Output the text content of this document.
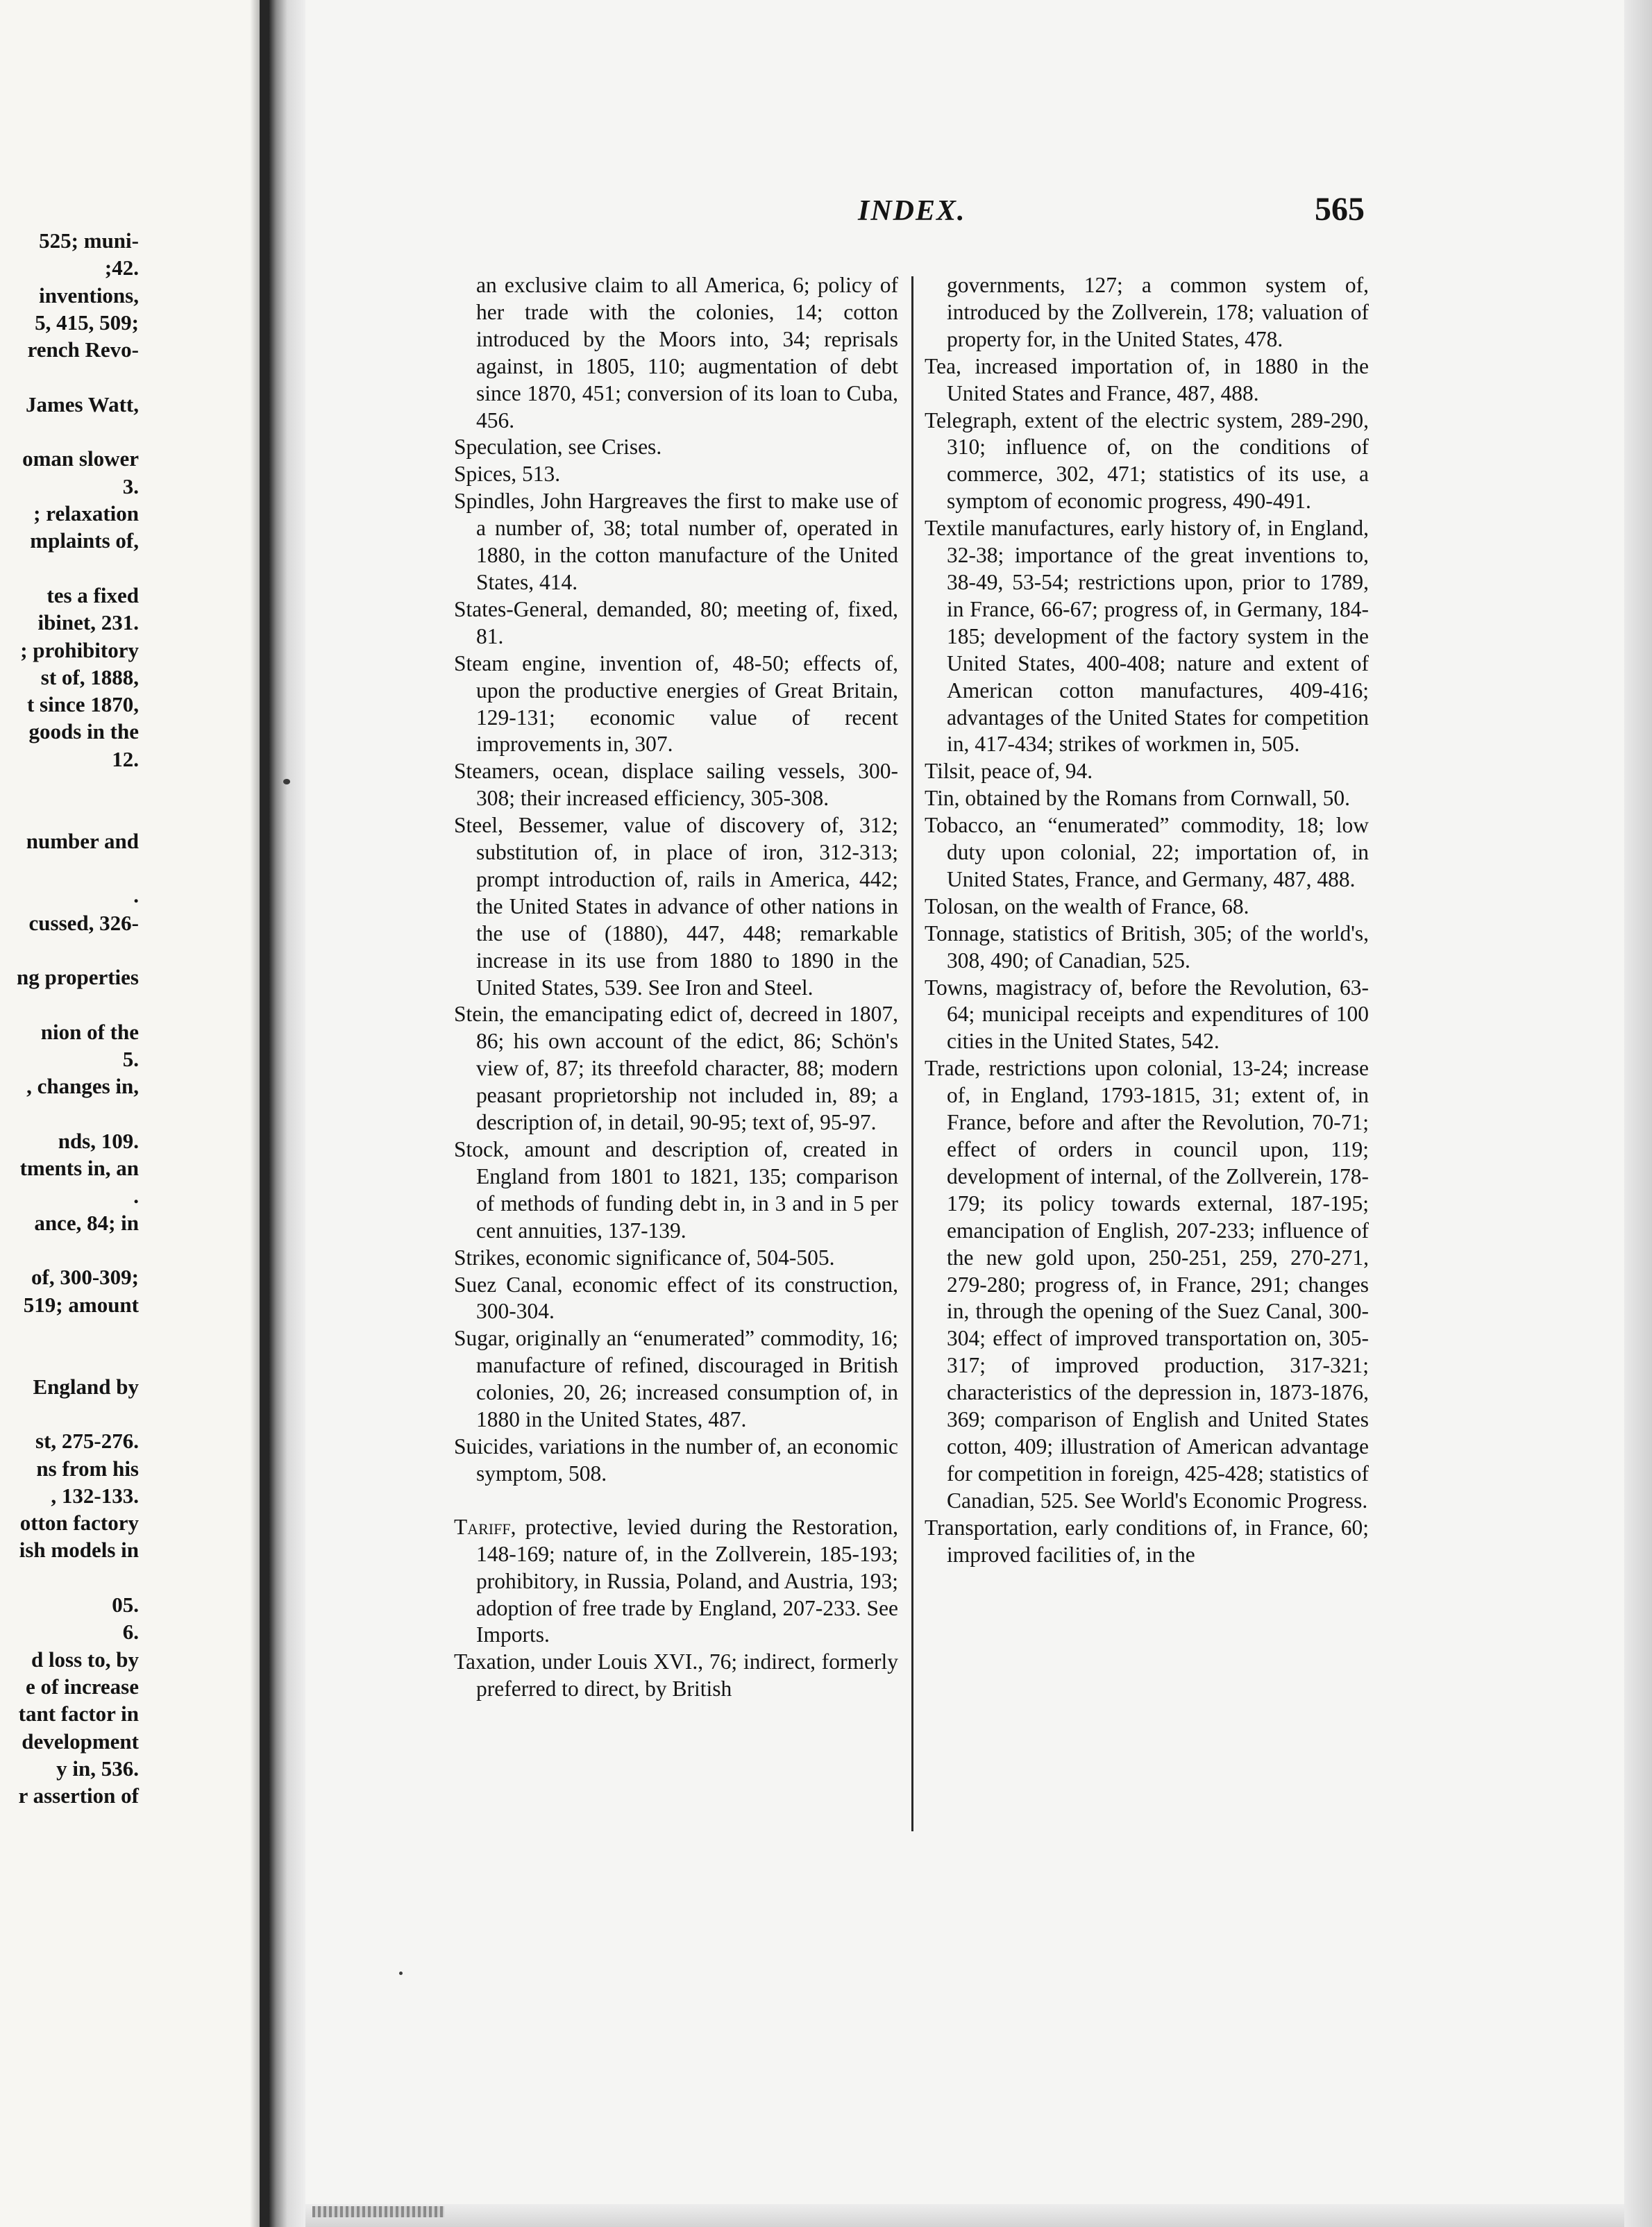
525; muni-
;42.
inventions,
5, 415, 509;
rench Revo-
James Watt,
oman slower
3.
; relaxation
mplaints of,
tes a fixed
ibinet, 231.
; prohibitory
st of, 1888,
t since 1870,
goods in the
12.
number and
.
cussed, 326-
ng properties
nion of the
5.
, changes in,
nds, 109.
tments in, an
.
ance, 84; in
of, 300-309;
519; amount
England by
st, 275-276.
ns from his
, 132-133.
otton factory
ish models in
05.
6.
d loss to, by
e of increase
tant factor in
development
y in, 536.
r assertion of
INDEX.	565

an exclusive claim to all America, 6; policy of her trade with the colonies, 14; cotton introduced by the Moors into, 34; reprisals against, in 1805, 110; augmentation of debt since 1870, 451; conversion of its loan to Cuba, 456.

Speculation, see Crises.

Spices, 513.

Spindles, John Hargreaves the first to make use of a number of, 38; total number of, operated in 1880, in the cotton manufacture of the United States, 414.

States-General, demanded, 80; meeting of, fixed, 81.

Steam engine, invention of, 48-50; effects of, upon the productive energies of Great Britain, 129-131; economic value of recent improvements in, 307.

Steamers, ocean, displace sailing vessels, 300-308; their increased efficiency, 305-308.

Steel, Bessemer, value of discovery of, 312; substitution of, in place of iron, 312-313; prompt introduction of, rails in America, 442; the United States in advance of other nations in the use of (1880), 447, 448; remarkable increase in its use from 1880 to 1890 in the United States, 539. See Iron and Steel.

Stein, the emancipating edict of, decreed in 1807, 86; his own account of the edict, 86; Schön's view of, 87; its threefold character, 88; modern peasant proprietorship not included in, 89; a description of, in detail, 90-95; text of, 95-97.

Stock, amount and description of, created in England from 1801 to 1821, 135; comparison of methods of funding debt in, in 3 and in 5 per cent annuities, 137-139.

Strikes, economic significance of, 504-505.

Suez Canal, economic effect of its construction, 300-304.

Sugar, originally an “enumerated” commodity, 16; manufacture of refined, discouraged in British colonies, 20, 26; increased consumption of, in 1880 in the United States, 487.

Suicides, variations in the number of, an economic symptom, 508.

Tariff, protective, levied during the Restoration, 148-169; nature of, in the Zollverein, 185-193; prohibitory, in Russia, Poland, and Austria, 193; adoption of free trade by England, 207-233. See Imports.

Taxation, under Louis XVI., 76; indirect, formerly preferred to direct, by British

governments, 127; a common system of, introduced by the Zollverein, 178; valuation of property for, in the United States, 478.

Tea, increased importation of, in 1880 in the United States and France, 487, 488.

Telegraph, extent of the electric system, 289-290, 310; influence of, on the conditions of commerce, 302, 471; statistics of its use, a symptom of economic progress, 490-491.

Textile manufactures, early history of, in England, 32-38; importance of the great inventions to, 38-49, 53-54; restrictions upon, prior to 1789, in France, 66-67; progress of, in Germany, 184-185; development of the factory system in the United States, 400-408; nature and extent of American cotton manufactures, 409-416; advantages of the United States for competition in, 417-434; strikes of workmen in, 505.

Tilsit, peace of, 94.

Tin, obtained by the Romans from Cornwall, 50.

Tobacco, an “enumerated” commodity, 18; low duty upon colonial, 22; importation of, in United States, France, and Germany, 487, 488.

Tolosan, on the wealth of France, 68.

Tonnage, statistics of British, 305; of the world's, 308, 490; of Canadian, 525.

Towns, magistracy of, before the Revolution, 63-64; municipal receipts and expenditures of 100 cities in the United States, 542.

Trade, restrictions upon colonial, 13-24; increase of, in England, 1793-1815, 31; extent of, in France, before and after the Revolution, 70-71; effect of orders in council upon, 119; development of internal, of the Zollverein, 178-179; its policy towards external, 187-195; emancipation of English, 207-233; influence of the new gold upon, 250-251, 259, 270-271, 279-280; progress of, in France, 291; changes in, through the opening of the Suez Canal, 300-304; effect of improved transportation on, 305-317; of improved production, 317-321; characteristics of the depression in, 1873-1876, 369; comparison of English and United States cotton, 409; illustration of American advantage for competition in foreign, 425-428; statistics of Canadian, 525. See World's Economic Progress.

Transportation, early conditions of, in France, 60; improved facilities of, in the
